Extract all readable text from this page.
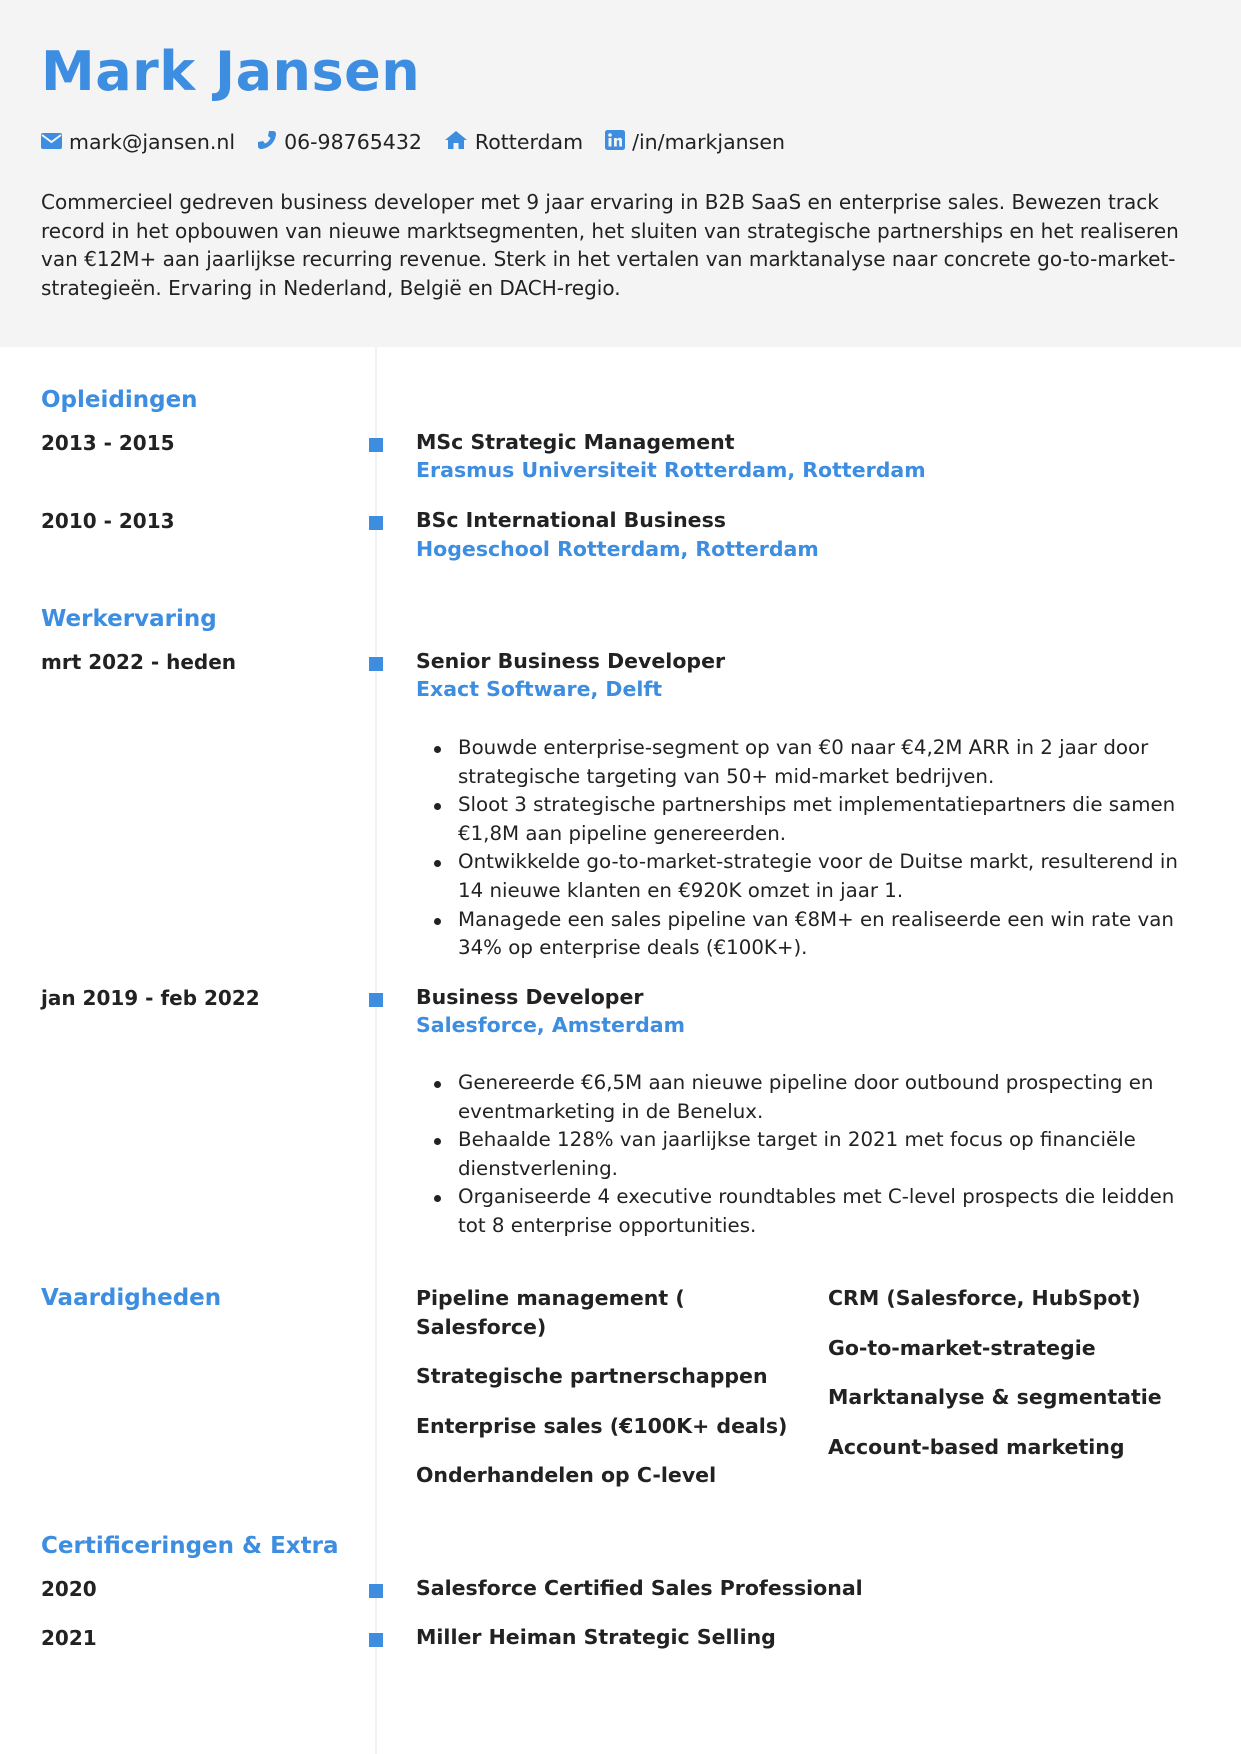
Mark Jansen
mark@jansen.nl 06-98765432	Rotterdam /in/markjansen

Commercieel gedreven business developer met 9 jaar ervaring in B2B SaaS en enterprise sales. Bewezen track record in het opbouwen van nieuwe marktsegmenten, het sluiten van strategische partnerships en het realiseren van €12M+ aan jaarlijkse recurring revenue. Sterk in het vertalen van marktanalyse naar concrete go-to-market-strategieën. Ervaring in Nederland, België en DACH-regio.

Opleidingen
2013 - 2015	MSc Strategic Management
Erasmus Universiteit Rotterdam, Rotterdam
2010 - 2013	BSc International Business
Hogeschool Rotterdam, Rotterdam
Werkervaring
mrt 2022 - heden	Senior Business Developer
Exact Software, Delft
Bouwde enterprise-segment op van €0 naar €4,2M ARR in 2 jaar door strategische targeting van 50+ mid-market bedrijven.
Sloot 3 strategische partnerships met implementatiepartners die samen €1,8M aan pipeline genereerden.
Ontwikkelde go-to-market-strategie voor de Duitse markt, resulterend in 14 nieuwe klanten en €920K omzet in jaar 1.
Managede een sales pipeline van €8M+ en realiseerde een win rate van 34% op enterprise deals (€100K+).
jan 2019 - feb 2022	Business Developer
Salesforce, Amsterdam
Genereerde €6,5M aan nieuwe pipeline door outbound prospecting en eventmarketing in de Benelux.
Behaalde 128% van jaarlijkse target in 2021 met focus op financiële dienstverlening.
Organiseerde 4 executive roundtables met C-level prospects die leidden tot 8 enterprise opportunities.
Vaardigheden	Pipeline management ( Salesforce)
Strategische partnerschappen
Enterprise sales (€100K+ deals)
Onderhandelen op C-level
CRM (Salesforce, HubSpot)
Go-to-market-strategie
Marktanalyse & segmentatie
Account-based marketing
Certificeringen & Extra
2020	Salesforce Certified Sales Professional
2021	Miller Heiman Strategic Selling
